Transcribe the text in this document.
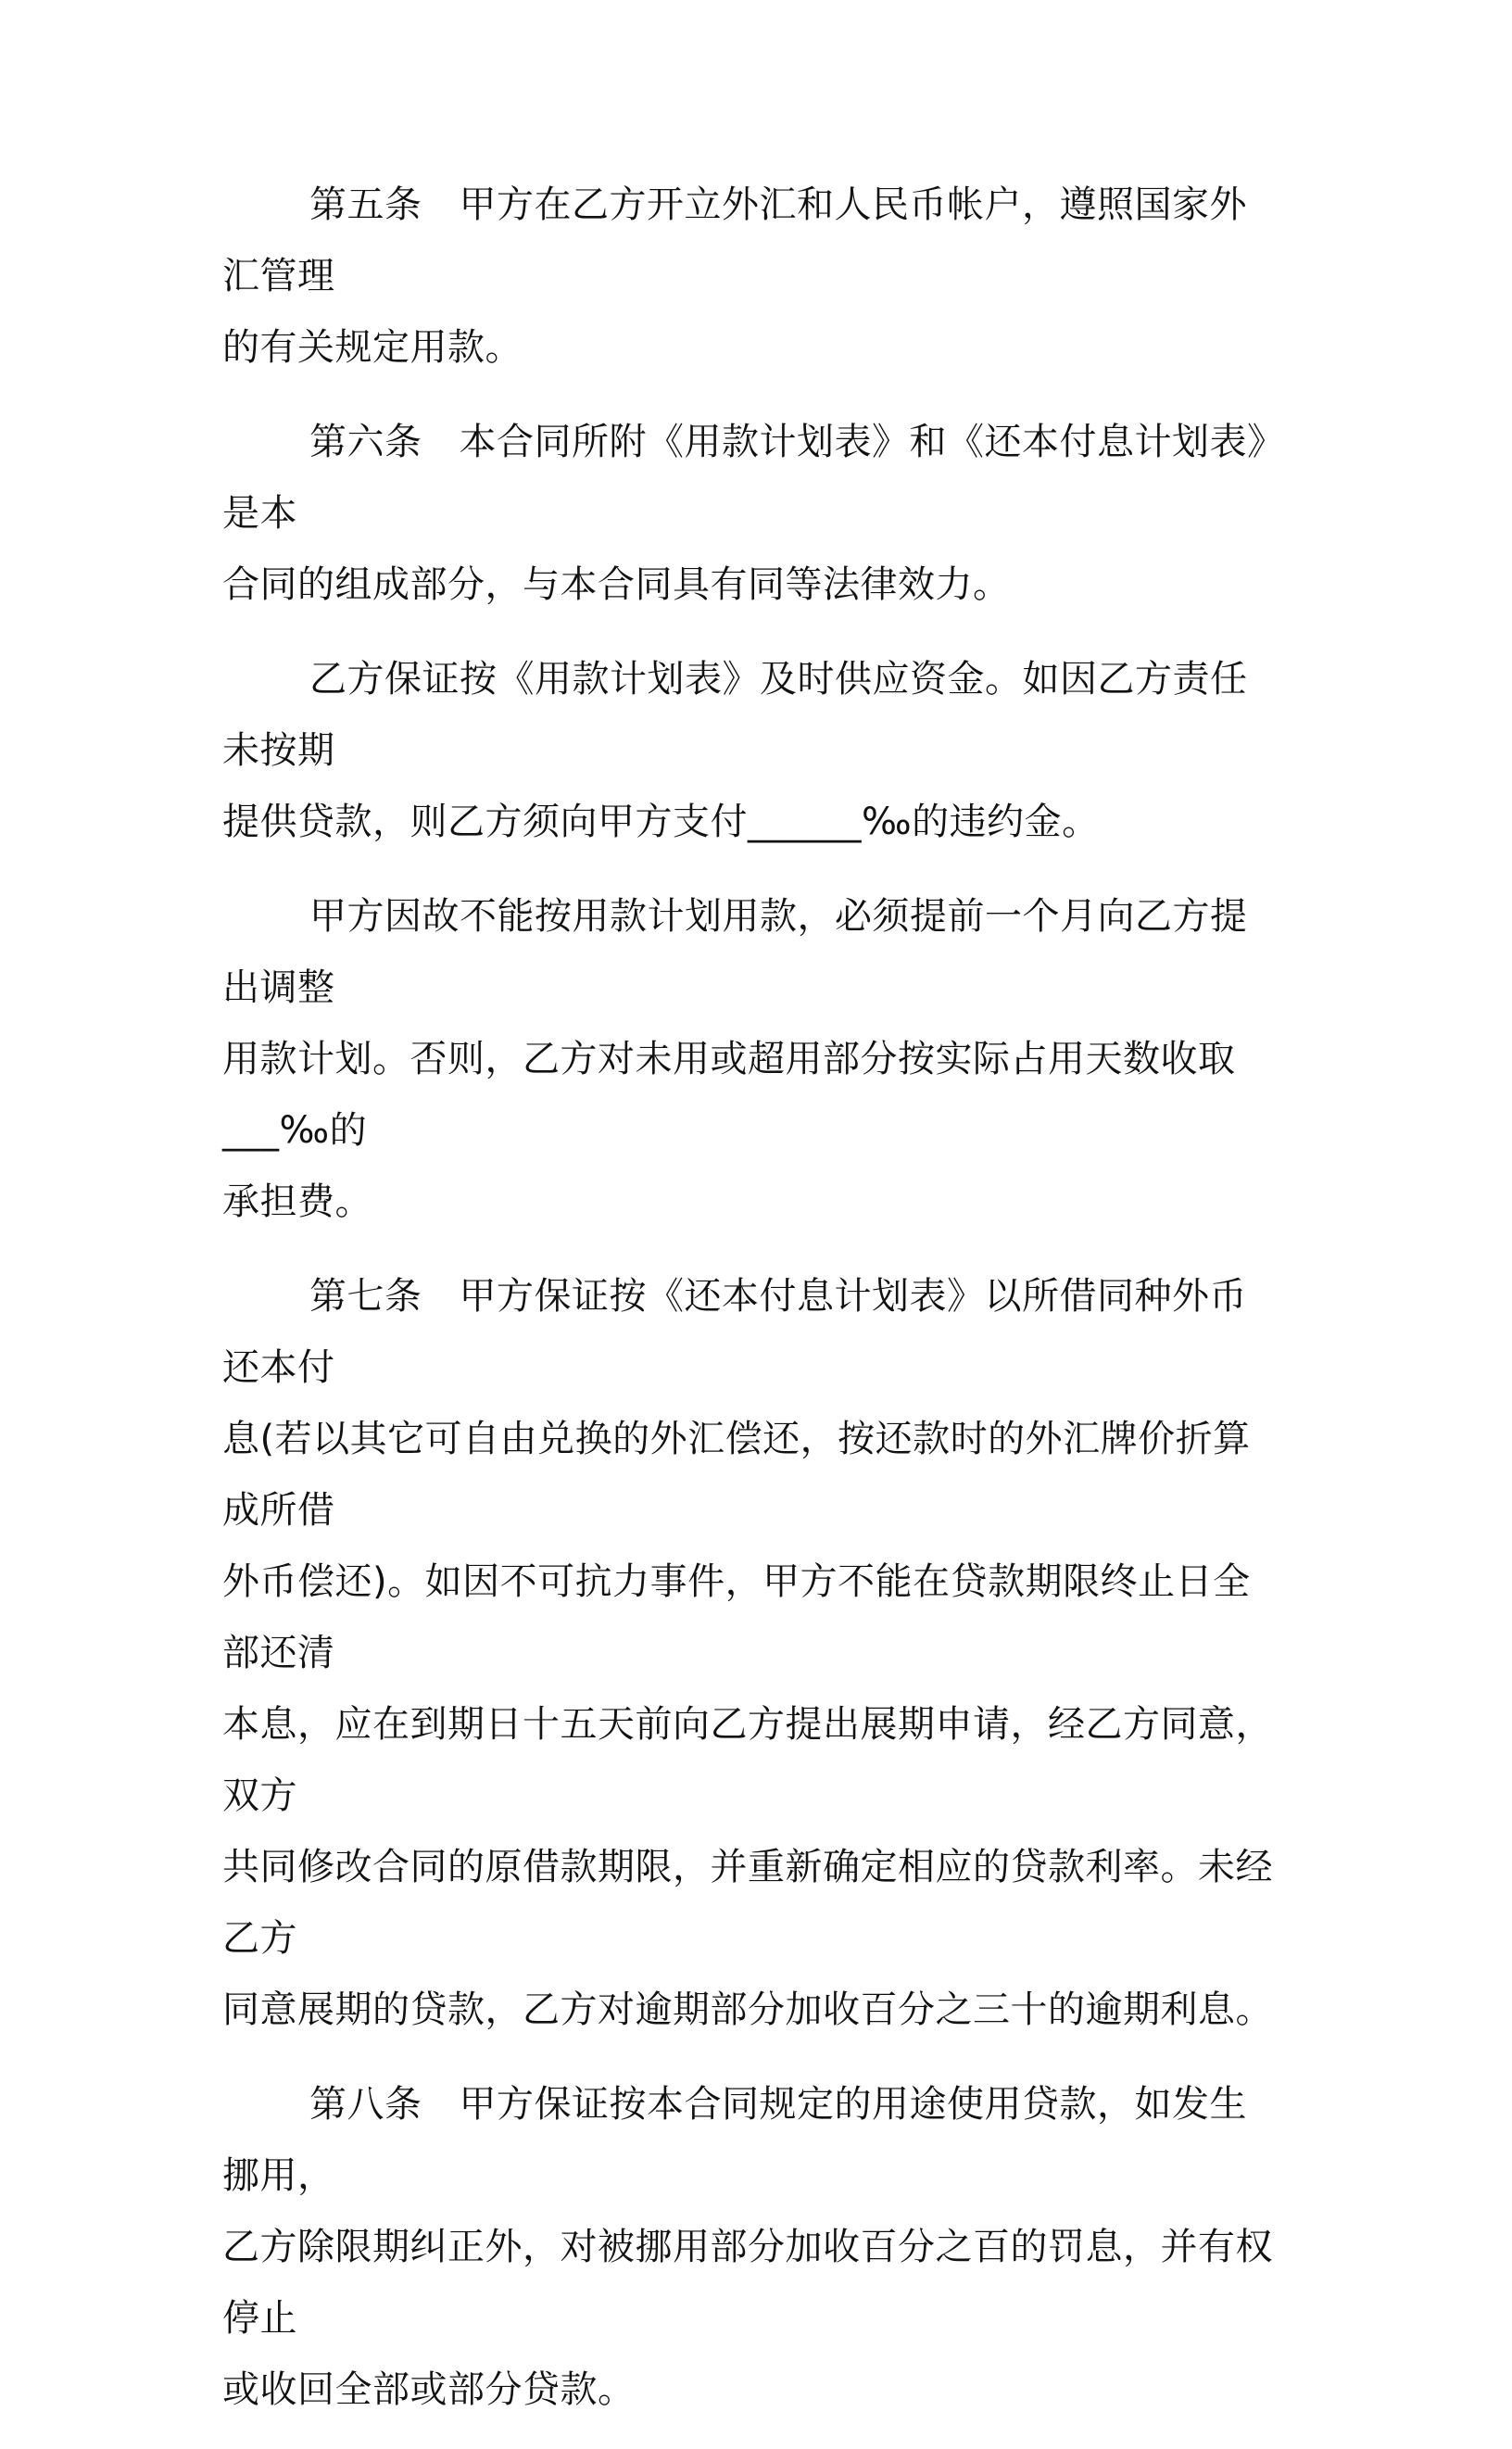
第五条 甲方在乙方开立外汇和人民币帐户，遵照国家外汇管理
的有关规定用款。
第六条 本合同所附《用款计划表》和《还本付息计划表》是本
合同的组成部分，与本合同具有同等法律效力。
乙方保证按《用款计划表》及时供应资金。如因乙方责任未按期
提供贷款，则乙方须向甲方支付______‰的违约金。
甲方因故不能按用款计划用款，必须提前一个月向乙方提出调整
用款计划。否则，乙方对未用或超用部分按实际占用天数收取___‰的
承担费。
第七条 甲方保证按《还本付息计划表》以所借同种外币还本付
息(若以其它可自由兑换的外汇偿还，按还款时的外汇牌价折算成所借
外币偿还)。如因不可抗力事件，甲方不能在贷款期限终止日全部还清
本息，应在到期日十五天前向乙方提出展期申请，经乙方同意，双方
共同修改合同的原借款期限，并重新确定相应的贷款利率。未经乙方
同意展期的贷款，乙方对逾期部分加收百分之三十的逾期利息。
第八条 甲方保证按本合同规定的用途使用贷款，如发生挪用，
乙方除限期纠正外，对被挪用部分加收百分之百的罚息，并有权停止
或收回全部或部分贷款。
